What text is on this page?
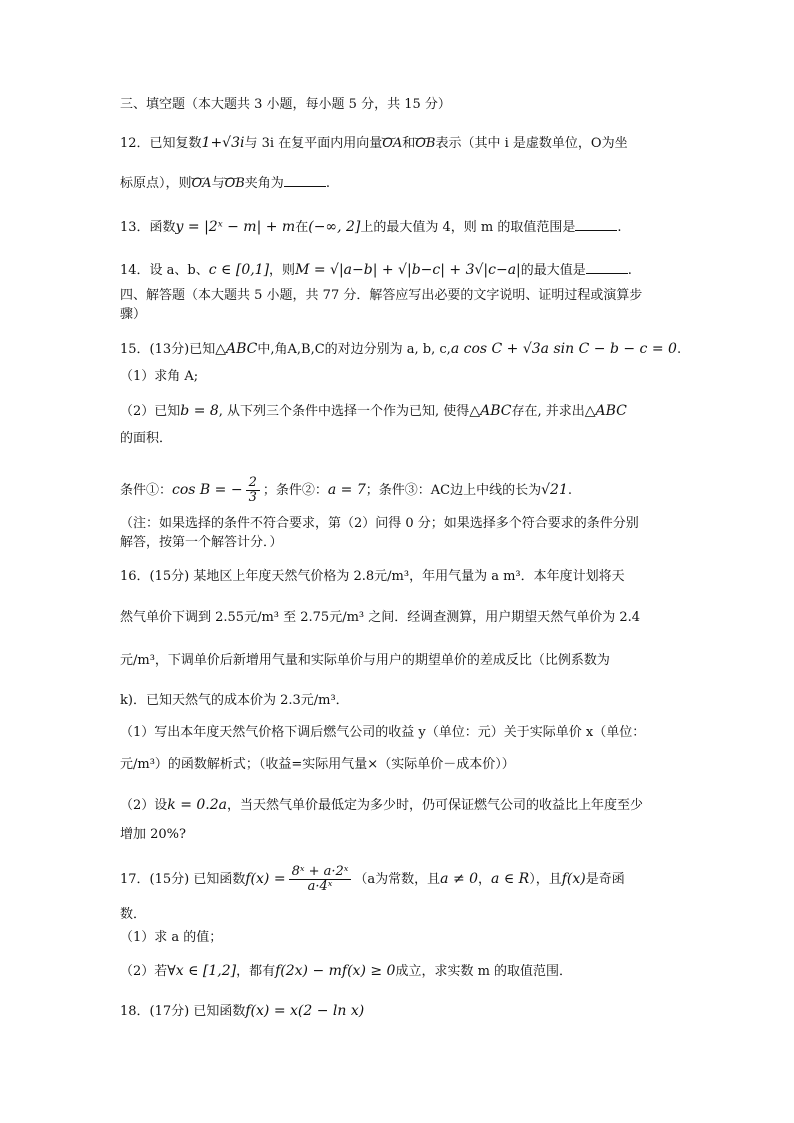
三、填空题（本大题共 3 小题，每小题 5 分，共 15 分）
12．已知复数1+√3i与 3i 在复平面内用向量‿‿ OA和‿‿ OB表示（其中 i 是虚数单位，O为坐
标原点），则‿‿ OA与‿‿ OB夹角为	.
13．函数y = |2ˣ − m| + m在(−∞, 2]上的最大值为 4，则 m 的取值范围是	.
14．设 a、b、c ∈ [0,1]，则M = √|a−b| + √|b−c| + 3√|c−a|的最大值是	.
四、解答题（本大题共 5 小题，共 77 分．解答应写出必要的文字说明、证明过程或演算步
骤）
15．(13分)已知△ABC中,角A,B,C的对边分别为 a, b, c,a cos C + √3a sin C − b − c = 0.
（1）求角 A;
（2）已知b = 8, 从下列三个条件中选择一个作为已知, 使得△ABC存在, 并求出△ABC
的面积．
条件①：cos B = − $\frac{2}{3}$ ；条件②：a = 7；条件③：AC边上中线的长为√21.
（注：如果选择的条件不符合要求，第（2）问得 0 分；如果选择多个符合要求的条件分别
解答，按第一个解答计分．）
16．(15分) 某地区上年度天然气价格为 2.8元/m³，年用气量为 a m³．本年度计划将天
然气单价下调到 2.55元/m³ 至 2.75元/m³ 之间．经调查测算，用户期望天然气单价为 2.4
元/m³，下调单价后新增用气量和实际单价与用户的期望单价的差成反比（比例系数为
k)．已知天然气的成本价为 2.3元/m³．
（1）写出本年度天然气价格下调后燃气公司的收益 y（单位：元）关于实际单价 x（单位：
元/m³）的函数解析式；（收益=实际用气量×（实际单价－成本价））
（2）设k = 0.2a，当天然气单价最低定为多少时，仍可保证燃气公司的收益比上年度至少
增加 20%?
17．(15分) 已知函数$f(x) = \frac{\text{8ˣ + a·2ˣ}}{\text{a·4ˣ}} (a$为常数，且a ≠ 0，a ∈ R），且f(x)是奇函
数．
（1）求 a 的值；
（2）若∀x ∈ [1,2]，都有f(2x) − mf(x) ≥ 0成立，求实数 m 的取值范围．
18．(17分) 已知函数f(x) = x(2 − ln x)
